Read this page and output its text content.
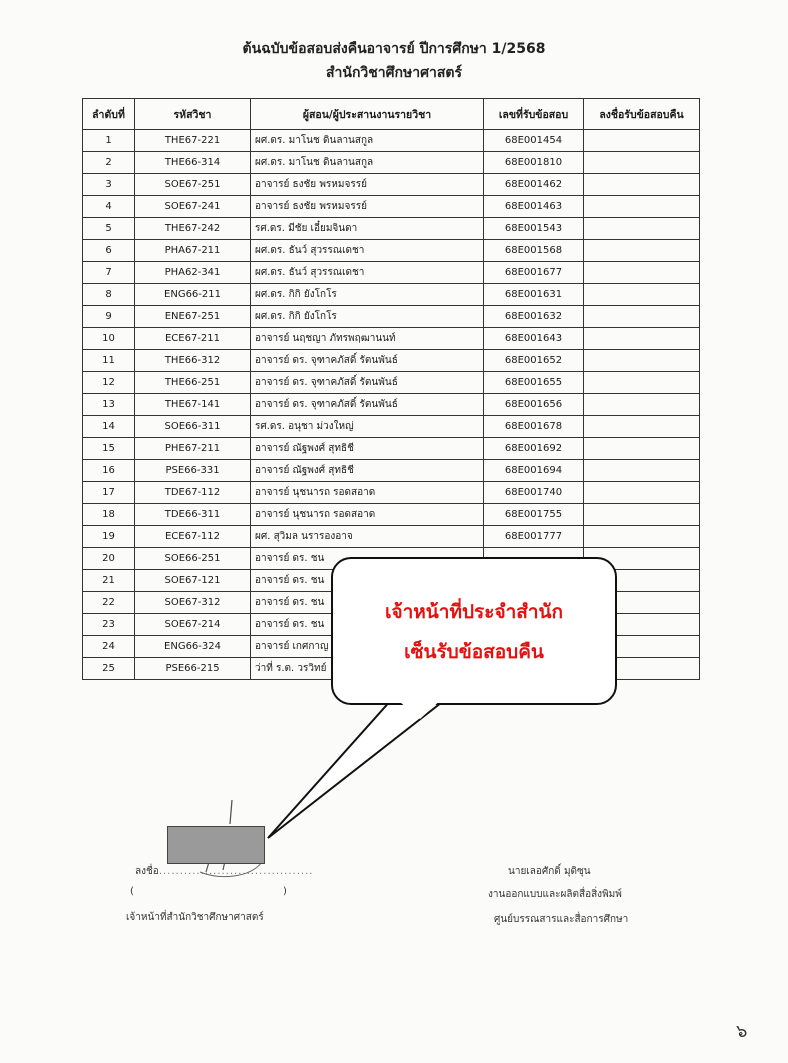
ต้นฉบับข้อสอบส่งคืนอาจารย์ ปีการศึกษา 1/2568
สำนักวิชาศึกษาศาสตร์
ลำดับที่	รหัสวิชา	ผู้สอน/ผู้ประสานงานรายวิชา	เลขที่รับข้อสอบ	ลงชื่อรับข้อสอบคืน
1	THE67-221	ผศ.ดร. มาโนช ดินลานสกูล	68E001454	
2	THE66-314	ผศ.ดร. มาโนช ดินลานสกูล	68E001810	
3	SOE67-251	อาจารย์ ธงชัย พรหมจรรย์	68E001462	
4	SOE67-241	อาจารย์ ธงชัย พรหมจรรย์	68E001463	
5	THE67-242	รศ.ดร. มีชัย เอี๋ยมจินดา	68E001543	
6	PHA67-211	ผศ.ดร. ธันว์ สุวรรณเดชา	68E001568	
7	PHA62-341	ผศ.ดร. ธันว์ สุวรรณเดชา	68E001677	
8	ENG66-211	ผศ.ดร. กิกิ ยังโกโร	68E001631	
9	ENE67-251	ผศ.ดร. กิกิ ยังโกโร	68E001632	
10	ECE67-211	อาจารย์ นฤชญา ภัทรพฤฒานนท์	68E001643	
11	THE66-312	อาจารย์ ดร. จุฑาคภัสดิ์ รัตนพันธ์	68E001652	
12	THE66-251	อาจารย์ ดร. จุฑาคภัสดิ์ รัตนพันธ์	68E001655	
13	THE67-141	อาจารย์ ดร. จุฑาคภัสดิ์ รัตนพันธ์	68E001656	
14	SOE66-311	รศ.ดร. อนุชา ม่วงใหญ่	68E001678	
15	PHE67-211	อาจารย์ ณัฐพงศ์ สุทธิชี	68E001692	
16	PSE66-331	อาจารย์ ณัฐพงศ์ สุทธิชี	68E001694	
17	TDE67-112	อาจารย์ นุชนารถ รอดสอาด	68E001740	
18	TDE66-311	อาจารย์ นุชนารถ รอดสอาด	68E001755	
19	ECE67-112	ผศ. สุวิมล นรารองอาจ	68E001777	
20	SOE66-251	อาจารย์ ดร. ชน		
21	SOE67-121	อาจารย์ ดร. ชน		
22	SOE67-312	อาจารย์ ดร. ชน		
23	SOE67-214	อาจารย์ ดร. ชน		
24	ENG66-324	อาจารย์ เกศกาญ		
25	PSE66-215	ว่าที่ ร.ต. วรวิทย์		
เจ้าหน้าที่ประจำสำนัก
เซ็นรับข้อสอบคืน
ลงชื่อ.....................................
(	)
เจ้าหน้าที่สำนักวิชาศึกษาศาสตร์
นายเลอศักดิ์ มุดิซุน
งานออกแบบและผลิตสื่อสิ่งพิมพ์
ศูนย์บรรณสารและสื่อการศึกษา
๖
